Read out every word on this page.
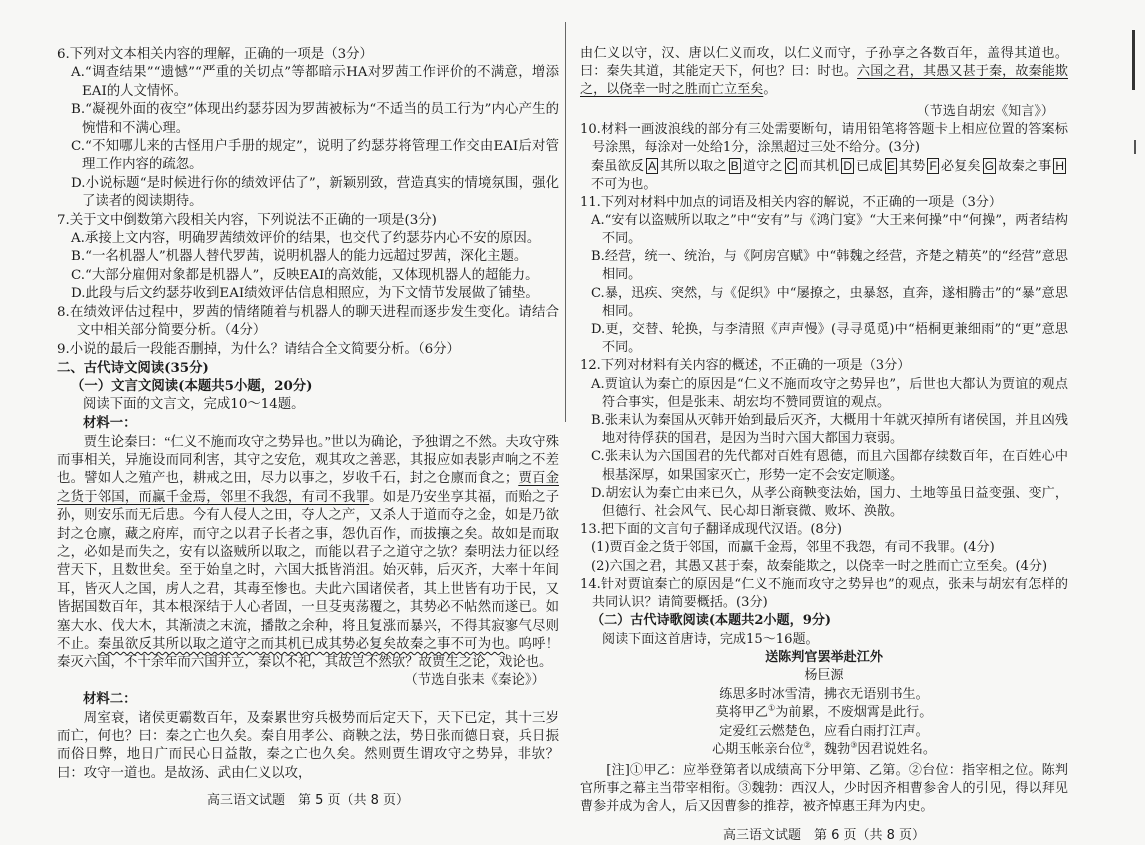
6.下列对文本相关内容的理解，正确的一项是（3分）
A.“调查结果”“遗憾”“严重的关切点”等都暗示HA对罗茜工作评价的不满意，增添EAI的人文情怀。
B.“凝视外面的夜空”体现出约瑟芬因为罗茜被标为“不适当的员工行为”内心产生的惋惜和不满心理。
C.“不知哪儿来的古怪用户手册的规定”，说明了约瑟芬将管理工作交由EAI后对管理工作内容的疏忽。
D.小说标题“是时候进行你的绩效评估了”，新颖别致，营造真实的情境氛围，强化了读者的阅读期待。
7.关于文中倒数第六段相关内容，下列说法不正确的一项是(3分)
A.承接上文内容，明确罗茜绩效评价的结果，也交代了约瑟芬内心不安的原因。
B.“一名机器人”机器人替代罗茜，说明机器人的能力远超过罗茜，深化主题。
C.“大部分雇佣对象都是机器人”，反映EAI的高效能，又体现机器人的超能力。
D.此段与后文约瑟芬收到EAI绩效评估信息相照应，为下文情节发展做了铺垫。
8.在绩效评估过程中，罗茜的情绪随着与机器人的聊天进程而逐步发生变化。请结合文中相关部分简要分析。（4分）
9.小说的最后一段能否删掉，为什么？请结合全文简要分析。（6分）
二、古代诗文阅读(35分)
（一）文言文阅读(本题共5小题，20分)
阅读下面的文言文，完成10～14题。
材料一：
贾生论秦曰：“仁义不施而攻守之势异也。”世以为确论，予独谓之不然。夫攻守殊而事相关，异施设而同利害，其守之安危，观其攻之善恶，其报应如表影声响之不差也。譬如人之殖产也，耕戒之田，尽力以事之，岁收千石，封之仓廪而食之；贾百金之货于邻国，而赢千金焉，邻里不我怨，有司不我罪。如是乃安坐享其福，而贻之子孙，则安乐而无后患。今有人侵人之田，夺人之产，又杀人于道而夺之金，如是乃欲封之仓廪，藏之府库，而守之以君子长者之事，怨仇百作，而拔攘之矣。故如是而取之，必如是而失之，安有以盗贼所以取之，而能以君子之道守之欤？秦明法力征以经营天下，且数世矣。至于始皇之时，六国大抵皆消沮。始灭韩，后灭齐，大率十年间耳，皆灭人之国，虏人之君，其毒至惨也。夫此六国诸侯者，其上世皆有功于民，又皆据国数百年，其本根深结于人心者固，一旦芟夷荡覆之，其势必不帖然而遂已。如塞大水、伐大木，其渐渍之末流，播散之余种，将且复涨而暴兴，不得其寂寥气尽则不止。秦虽欲反其所以取之道守之而其机已成其势必复矣故秦之事不可为也。呜呼！秦灭六国，不十余年而六国并立，秦以不祀，其故岂不然欤？故贾生之论，戏论也。
（节选自张耒《秦论》）
材料二：
周室衰，诸侯更霸数百年，及秦累世穷兵极势而后定天下，天下已定，其十三岁而亡，何也？曰：秦之亡也久矣。秦自用孝公、商鞅之法，势日张而德日衰，兵日振而俗日弊，地日广而民心日益散，秦之亡也久矣。然则贾生谓攻守之势异，非欤？曰：攻守一道也。是故汤、武由仁义以攻，
高三语文试题　第 5 页（共 8 页）
由仁义以守，汉、唐以仁义而攻，以仁义而守，子孙享之各数百年，盖得其道也。曰：秦失其道，其能定天下，何也？曰：时也。六国之君，其愚又甚于秦，故秦能欺之，以侥幸一时之胜而亡立至矣。
（节选自胡宏《知言》）
10.材料一画波浪线的部分有三处需要断句，请用铅笔将答题卡上相应位置的答案标号涂黑，每涂对一处给1分，涂黑超过三处不给分。(3分)
秦虽欲反 A 其所以取之 B 道守之 C 而其机 D 已成 E 其势 F 必复矣 G 故秦之事 H不可为也。
11.下列对材料中加点的词语及相关内容的解说，不正确的一项是（3分）
A.“安有以盗贼所以取之”中“安有”与《鸿门宴》“大王来何操”中“何操”，两者结构不同。
B.经营，统一、统治，与《阿房宫赋》中“韩魏之经营，齐楚之精英”的“经营”意思相同。
C.暴，迅疾、突然，与《促织》中“屡撩之，虫暴怒，直奔，遂相腾击”的“暴”意思相同。
D.更，交替、轮换，与李清照《声声慢》(寻寻觅觅)中“梧桐更兼细雨”的“更”意思不同。
12.下列对材料有关内容的概述，不正确的一项是（3分）
A.贾谊认为秦亡的原因是“仁义不施而攻守之势异也”，后世也大都认为贾谊的观点符合事实，但是张耒、胡宏均不赞同贾谊的观点。
B.张耒认为秦国从灭韩开始到最后灭齐，大概用十年就灭掉所有诸侯国，并且凶残地对待俘获的国君，是因为当时六国大都国力衰弱。
C.张耒认为六国国君的先代都对百姓有恩德，而且六国都存续数百年，在百姓心中根基深厚，如果国家灭亡，形势一定不会安定顺遂。
D.胡宏认为秦亡由来已久，从孝公商鞅变法始，国力、土地等虽日益变强、变广，但德行、社会风气、民心却日渐衰微、败坏、涣散。
13.把下面的文言句子翻译成现代汉语。(8分)
(1)贾百金之货于邻国，而赢千金焉，邻里不我怨，有司不我罪。(4分)
(2)六国之君，其愚又甚于秦，故秦能欺之，以侥幸一时之胜而亡立至矣。(4分)
14.针对贾谊秦亡的原因是“仁义不施而攻守之势异也”的观点，张耒与胡宏有怎样的共同认识？请简要概括。(3分)
（二）古代诗歌阅读(本题共2小题，9分)
阅读下面这首唐诗，完成15～16题。
送陈判官罢举赴江外
杨巨源
练思多时冰雪清，拂衣无语别书生。
莫将甲乙①为前累，不废烟霄是此行。
定爱红云燃楚色，应看白雨打江声。
心期玉帐亲台位②，魏勃③因君说姓名。
[注]①甲乙：应举登第者以成绩高下分甲第、乙第。②台位：指宰相之位。陈判官所事之幕主当带宰相衔。③魏勃：西汉人，少时因齐相曹参舍人的引见，得以拜见曹参并成为舍人，后又因曹参的推荐，被齐悼惠王拜为内史。
高三语文试题　第 6 页（共 8 页）
